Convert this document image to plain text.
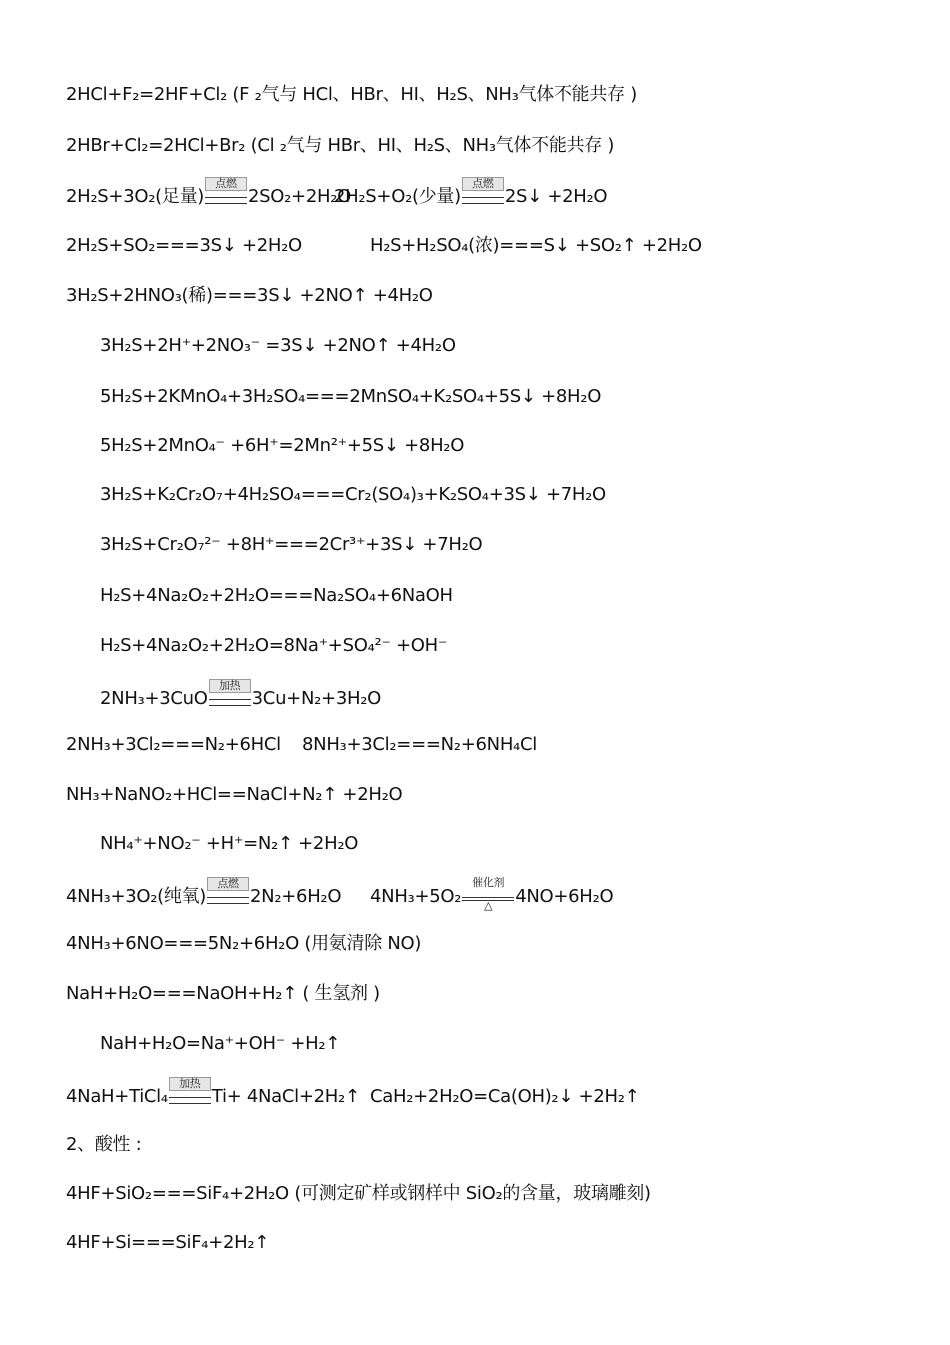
2HCl+F₂=2HF+Cl₂ (F ₂气与 HCl、HBr、HI、H₂S、NH₃气体不能共存 )
2HBr+Cl₂=2HCl+Br₂ (Cl ₂气与 HBr、HI、H₂S、NH₃气体不能共存 )
2H₂S+3O₂(足量)
点燃
2SO₂+2H₂O
2H₂S+O₂(少量)
点燃
2S↓ +2H₂O
2H₂S+SO₂===3S↓ +2H₂O	H₂S+H₂SO₄(浓)===S↓ +SO₂↑ +2H₂O
3H₂S+2HNO₃(稀)===3S↓ +2NO↑ +4H₂O
3H₂S+2H⁺+2NO₃⁻ =3S↓ +2NO↑ +4H₂O
5H₂S+2KMnO₄+3H₂SO₄===2MnSO₄+K₂SO₄+5S↓ +8H₂O
5H₂S+2MnO₄⁻ +6H⁺=2Mn²⁺+5S↓ +8H₂O
3H₂S+K₂Cr₂O₇+4H₂SO₄===Cr₂(SO₄)₃+K₂SO₄+3S↓ +7H₂O
3H₂S+Cr₂O₇²⁻ +8H⁺===2Cr³⁺+3S↓ +7H₂O
H₂S+4Na₂O₂+2H₂O===Na₂SO₄+6NaOH
H₂S+4Na₂O₂+2H₂O=8Na⁺+SO₄²⁻ +OH⁻
2NH₃+3CuO
加热
3Cu+N₂+3H₂O
2NH₃+3Cl₂===N₂+6HCl 8NH₃+3Cl₂===N₂+6NH₄Cl
NH₃+NaNO₂+HCl==NaCl+N₂↑ +2H₂O
NH₄⁺+NO₂⁻ +H⁺=N₂↑ +2H₂O
4NH₃+3O₂(纯氧)
点燃
2N₂+6H₂O 4NH₃+5O₂
催化剂
△	4NO+6H₂O
4NH₃+6NO===5N₂+6H₂O (用氨清除 NO)
NaH+H₂O===NaOH+H₂↑ ( 生氢剂 )
NaH+H₂O=Na⁺+OH⁻ +H₂↑
4NaH+TiCl₄
加热
Ti+ 4NaCl+2H₂↑ CaH₂+2H₂O=Ca(OH)₂↓ +2H₂↑
2、酸性 :
4HF+SiO₂===SiF₄+2H₂O (可测定矿样或钢样中 SiO₂的含量，玻璃雕刻)
4HF+Si===SiF₄+2H₂↑
